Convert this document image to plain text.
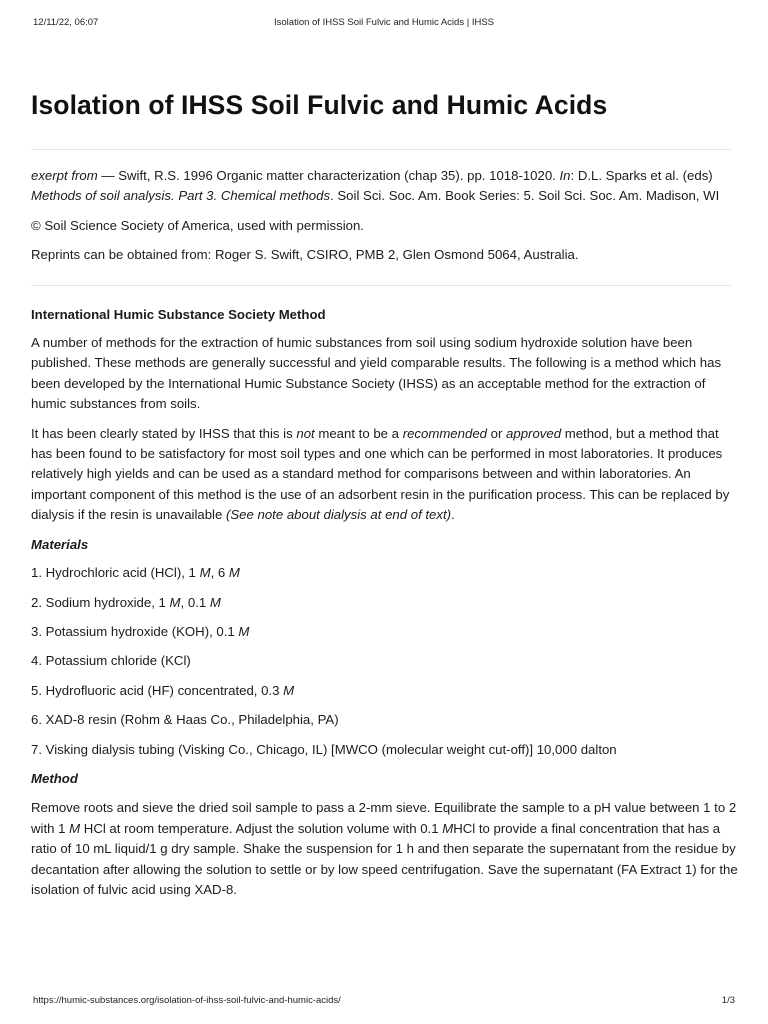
12/11/22, 06:07	Isolation of IHSS Soil Fulvic and Humic Acids | IHSS
Isolation of IHSS Soil Fulvic and Humic Acids

exerpt from — Swift, R.S. 1996 Organic matter characterization (chap 35). pp. 1018-1020. In: D.L. Sparks et al. (eds) Methods of soil analysis. Part 3. Chemical methods. Soil Sci. Soc. Am. Book Series: 5. Soil Sci. Soc. Am. Madison, WI

© Soil Science Society of America, used with permission.

Reprints can be obtained from: Roger S. Swift, CSIRO, PMB 2, Glen Osmond 5064, Australia.

International Humic Substance Society Method

A number of methods for the extraction of humic substances from soil using sodium hydroxide solution have been published. These methods are generally successful and yield comparable results. The following is a method which has been developed by the International Humic Substance Society (IHSS) as an acceptable method for the extraction of humic substances from soils.

It has been clearly stated by IHSS that this is not meant to be a recommended or approved method, but a method that has been found to be satisfactory for most soil types and one which can be performed in most laboratories. It produces relatively high yields and can be used as a standard method for comparisons between and within laboratories. An important component of this method is the use of an adsorbent resin in the purification process. This can be replaced by dialysis if the resin is unavailable (See note about dialysis at end of text).

Materials

1. Hydrochloric acid (HCl), 1 M, 6 M

2. Sodium hydroxide, 1 M, 0.1 M

3. Potassium hydroxide (KOH), 0.1 M

4. Potassium chloride (KCl)

5. Hydrofluoric acid (HF) concentrated, 0.3 M

6. XAD-8 resin (Rohm & Haas Co., Philadelphia, PA)

7. Visking dialysis tubing (Visking Co., Chicago, IL) [MWCO (molecular weight cut-off)] 10,000 dalton

Method

Remove roots and sieve the dried soil sample to pass a 2-mm sieve. Equilibrate the sample to a pH value between 1 to 2 with 1 M HCl at room temperature. Adjust the solution volume with 0.1 MHCl to provide a final concentration that has a ratio of 10 mL liquid/1 g dry sample. Shake the suspension for 1 h and then separate the supernatant from the residue by decantation after allowing the solution to settle or by low speed centrifugation. Save the supernatant (FA Extract 1) for the isolation of fulvic acid using XAD-8.

https://humic-substances.org/isolation-of-ihss-soil-fulvic-and-humic-acids/	1/3
